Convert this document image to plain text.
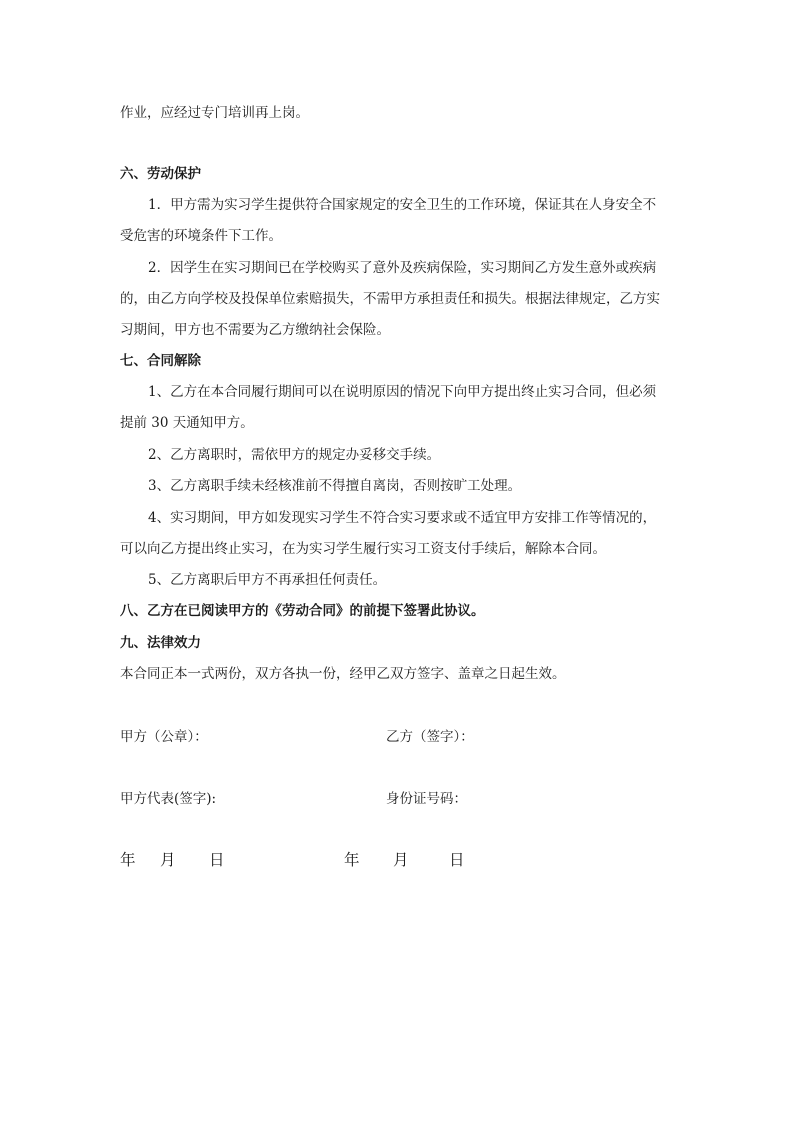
作业，应经过专门培训再上岗。
六、劳动保护
1．甲方需为实习学生提供符合国家规定的安全卫生的工作环境，保证其在人身安全不
受危害的环境条件下工作。
2．因学生在实习期间已在学校购买了意外及疾病保险，实习期间乙方发生意外或疾病
的，由乙方向学校及投保单位索赔损失，不需甲方承担责任和损失。根据法律规定，乙方实
习期间，甲方也不需要为乙方缴纳社会保险。
七、合同解除
1、乙方在本合同履行期间可以在说明原因的情况下向甲方提出终止实习合同，但必须
提前 30 天通知甲方。
2、乙方离职时，需依甲方的规定办妥移交手续。
3、乙方离职手续未经核准前不得擅自离岗，否则按旷工处理。
4、实习期间，甲方如发现实习学生不符合实习要求或不适宜甲方安排工作等情况的，
可以向乙方提出终止实习，在为实习学生履行实习工资支付手续后，解除本合同。
5、乙方离职后甲方不再承担任何责任。
八、乙方在已阅读甲方的《劳动合同》的前提下签署此协议。
九、法律效力
本合同正本一式两份，双方各执一份，经甲乙双方签字、盖章之日起生效。
甲方（公章）：	乙方（签字）：
甲方代表(签字):	身份证号码：
年 月 日	年 月	日
